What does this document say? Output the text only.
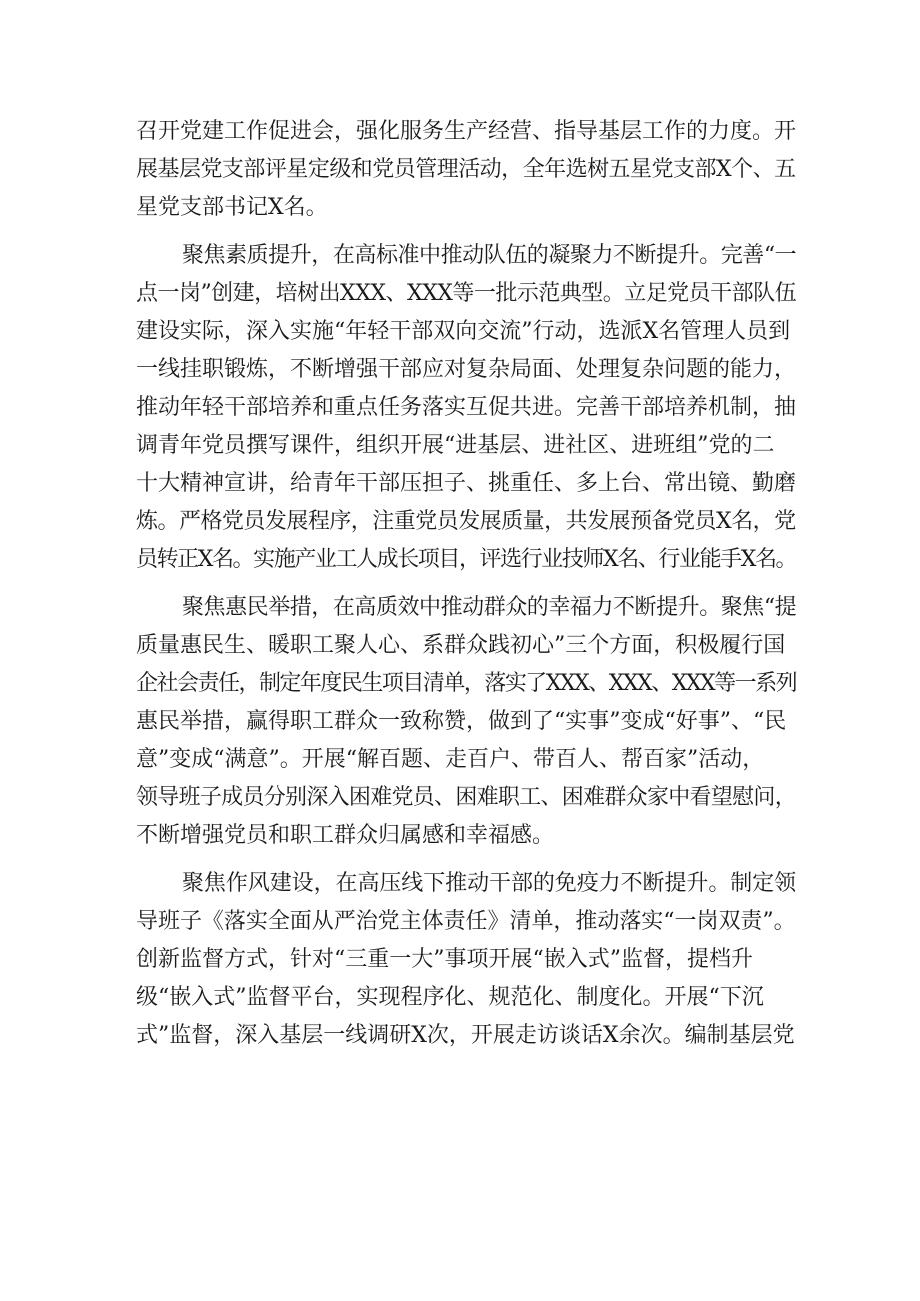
召开党建工作促进会，强化服务生产经营、指导基层工作的力度。开
展基层党支部评星定级和党员管理活动，全年选树五星党支部X个、五
星党支部书记X名。
聚焦素质提升，在高标准中推动队伍的凝聚力不断提升。完善“一
点一岗”创建，培树出XXX、XXX等一批示范典型。立足党员干部队伍
建设实际，深入实施“年轻干部双向交流”行动，选派X名管理人员到
一线挂职锻炼，不断增强干部应对复杂局面、处理复杂问题的能力，
推动年轻干部培养和重点任务落实互促共进。完善干部培养机制，抽
调青年党员撰写课件，组织开展“进基层、进社区、进班组”党的二
十大精神宣讲，给青年干部压担子、挑重任、多上台、常出镜、勤磨
炼。严格党员发展程序，注重党员发展质量，共发展预备党员X名，党
员转正X名。实施产业工人成长项目，评选行业技师X名、行业能手X名。
聚焦惠民举措，在高质效中推动群众的幸福力不断提升。聚焦“提
质量惠民生、暖职工聚人心、系群众践初心”三个方面，积极履行国
企社会责任，制定年度民生项目清单，落实了XXX、XXX、XXX等一系列
惠民举措，赢得职工群众一致称赞，做到了“实事”变成“好事”、“民
意”变成“满意”。开展“解百题、走百户、带百人、帮百家”活动，
领导班子成员分别深入困难党员、困难职工、困难群众家中看望慰问，
不断增强党员和职工群众归属感和幸福感。
聚焦作风建设，在高压线下推动干部的免疫力不断提升。制定领
导班子《落实全面从严治党主体责任》清单，推动落实“一岗双责”。
创新监督方式，针对“三重一大”事项开展“嵌入式”监督，提档升
级“嵌入式”监督平台，实现程序化、规范化、制度化。开展“下沉
式”监督，深入基层一线调研X次，开展走访谈话X余次。编制基层党
